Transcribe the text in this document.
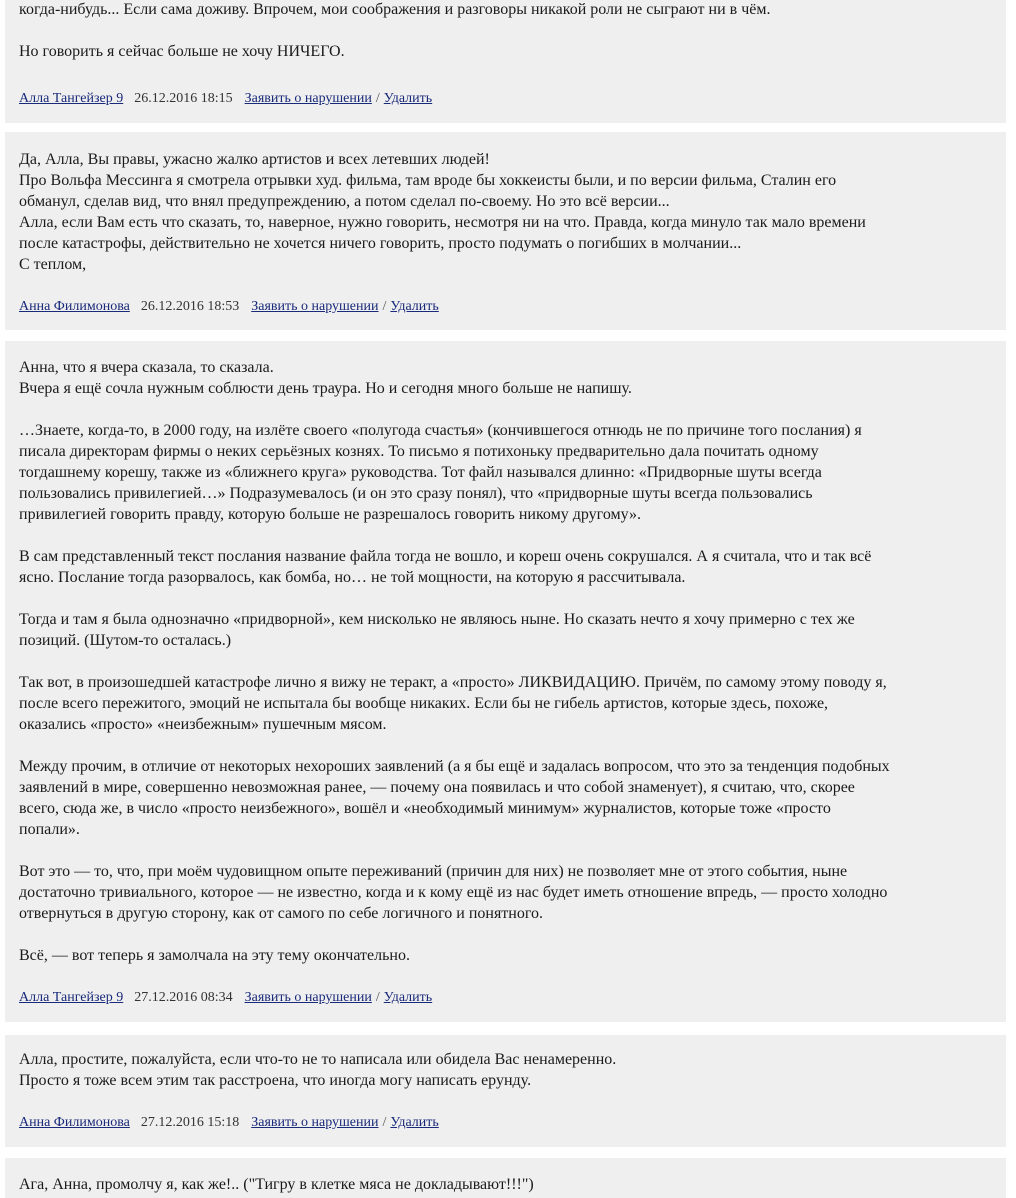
когда-нибудь... Если сама доживу. Впрочем, мои соображения и разговоры никакой роли не сыграют ни в чём.

Но говорить я сейчас больше не хочу НИЧЕГО.

Алла Тангейзер 9 26.12.2016 18:15 Заявить о нарушении / Удалить

Да, Алла, Вы правы, ужасно жалко артистов и всех летевших людей!
Про Вольфа Мессинга я смотрела отрывки худ. фильма, там вроде бы хоккеисты были, и по версии фильма, Сталин его
обманул, сделав вид, что внял предупреждению, а потом сделал по-своему. Но это всё версии...
Алла, если Вам есть что сказать, то, наверное, нужно говорить, несмотря ни на что. Правда, когда минуло так мало времени
после катастрофы, действительно не хочется ничего говорить, просто подумать о погибших в молчании...
С теплом,

Анна Филимонова 26.12.2016 18:53 Заявить о нарушении / Удалить

Анна, что я вчера сказала, то сказала.
Вчера я ещё сочла нужным соблюсти день траура. Но и сегодня много больше не напишу.

…Знаете, когда-то, в 2000 году, на излёте своего «полугода счастья» (кончившегося отнюдь не по причине того послания) я
писала директорам фирмы о неких серьёзных кознях. То письмо я потихоньку предварительно дала почитать одному
тогдашнему корешу, также из «ближнего круга» руководства. Тот файл назывался длинно: «Придворные шуты всегда
пользовались привилегией…» Подразумевалось (и он это сразу понял), что «придворные шуты всегда пользовались
привилегией говорить правду, которую больше не разрешалось говорить никому другому».

В сам представленный текст послания название файла тогда не вошло, и кореш очень сокрушался. А я считала, что и так всё
ясно. Послание тогда разорвалось, как бомба, но… не той мощности, на которую я рассчитывала.

Тогда и там я была однозначно «придворной», кем нисколько не являюсь ныне. Но сказать нечто я хочу примерно с тех же
позиций. (Шутом-то осталась.)

Так вот, в произошедшей катастрофе лично я вижу не теракт, а «просто» ЛИКВИДАЦИЮ. Причём, по самому этому поводу я,
после всего пережитого, эмоций не испытала бы вообще никаких. Если бы не гибель артистов, которые здесь, похоже,
оказались «просто» «неизбежным» пушечным мясом.

Между прочим, в отличие от некоторых нехороших заявлений (а я бы ещё и задалась вопросом, что это за тенденция подобных
заявлений в мире, совершенно невозможная ранее, — почему она появилась и что собой знаменует), я считаю, что, скорее
всего, сюда же, в число «просто неизбежного», вошёл и «необходимый минимум» журналистов, которые тоже «просто
попали».

Вот это — то, что, при моём чудовищном опыте переживаний (причин для них) не позволяет мне от этого события, ныне
достаточно тривиального, которое — не известно, когда и к кому ещё из нас будет иметь отношение впредь, — просто холодно
отвернуться в другую сторону, как от самого по себе логичного и понятного.

Всё, — вот теперь я замолчала на эту тему окончательно.

Алла Тангейзер 9 27.12.2016 08:34 Заявить о нарушении / Удалить

Алла, простите, пожалуйста, если что-то не то написала или обидела Вас ненамеренно.
Просто я тоже всем этим так расстроена, что иногда могу написать ерунду.

Анна Филимонова 27.12.2016 15:18 Заявить о нарушении / Удалить

Ага, Анна, промолчу я, как же!.. ("Тигру в клетке мяса не докладывают!!!")
